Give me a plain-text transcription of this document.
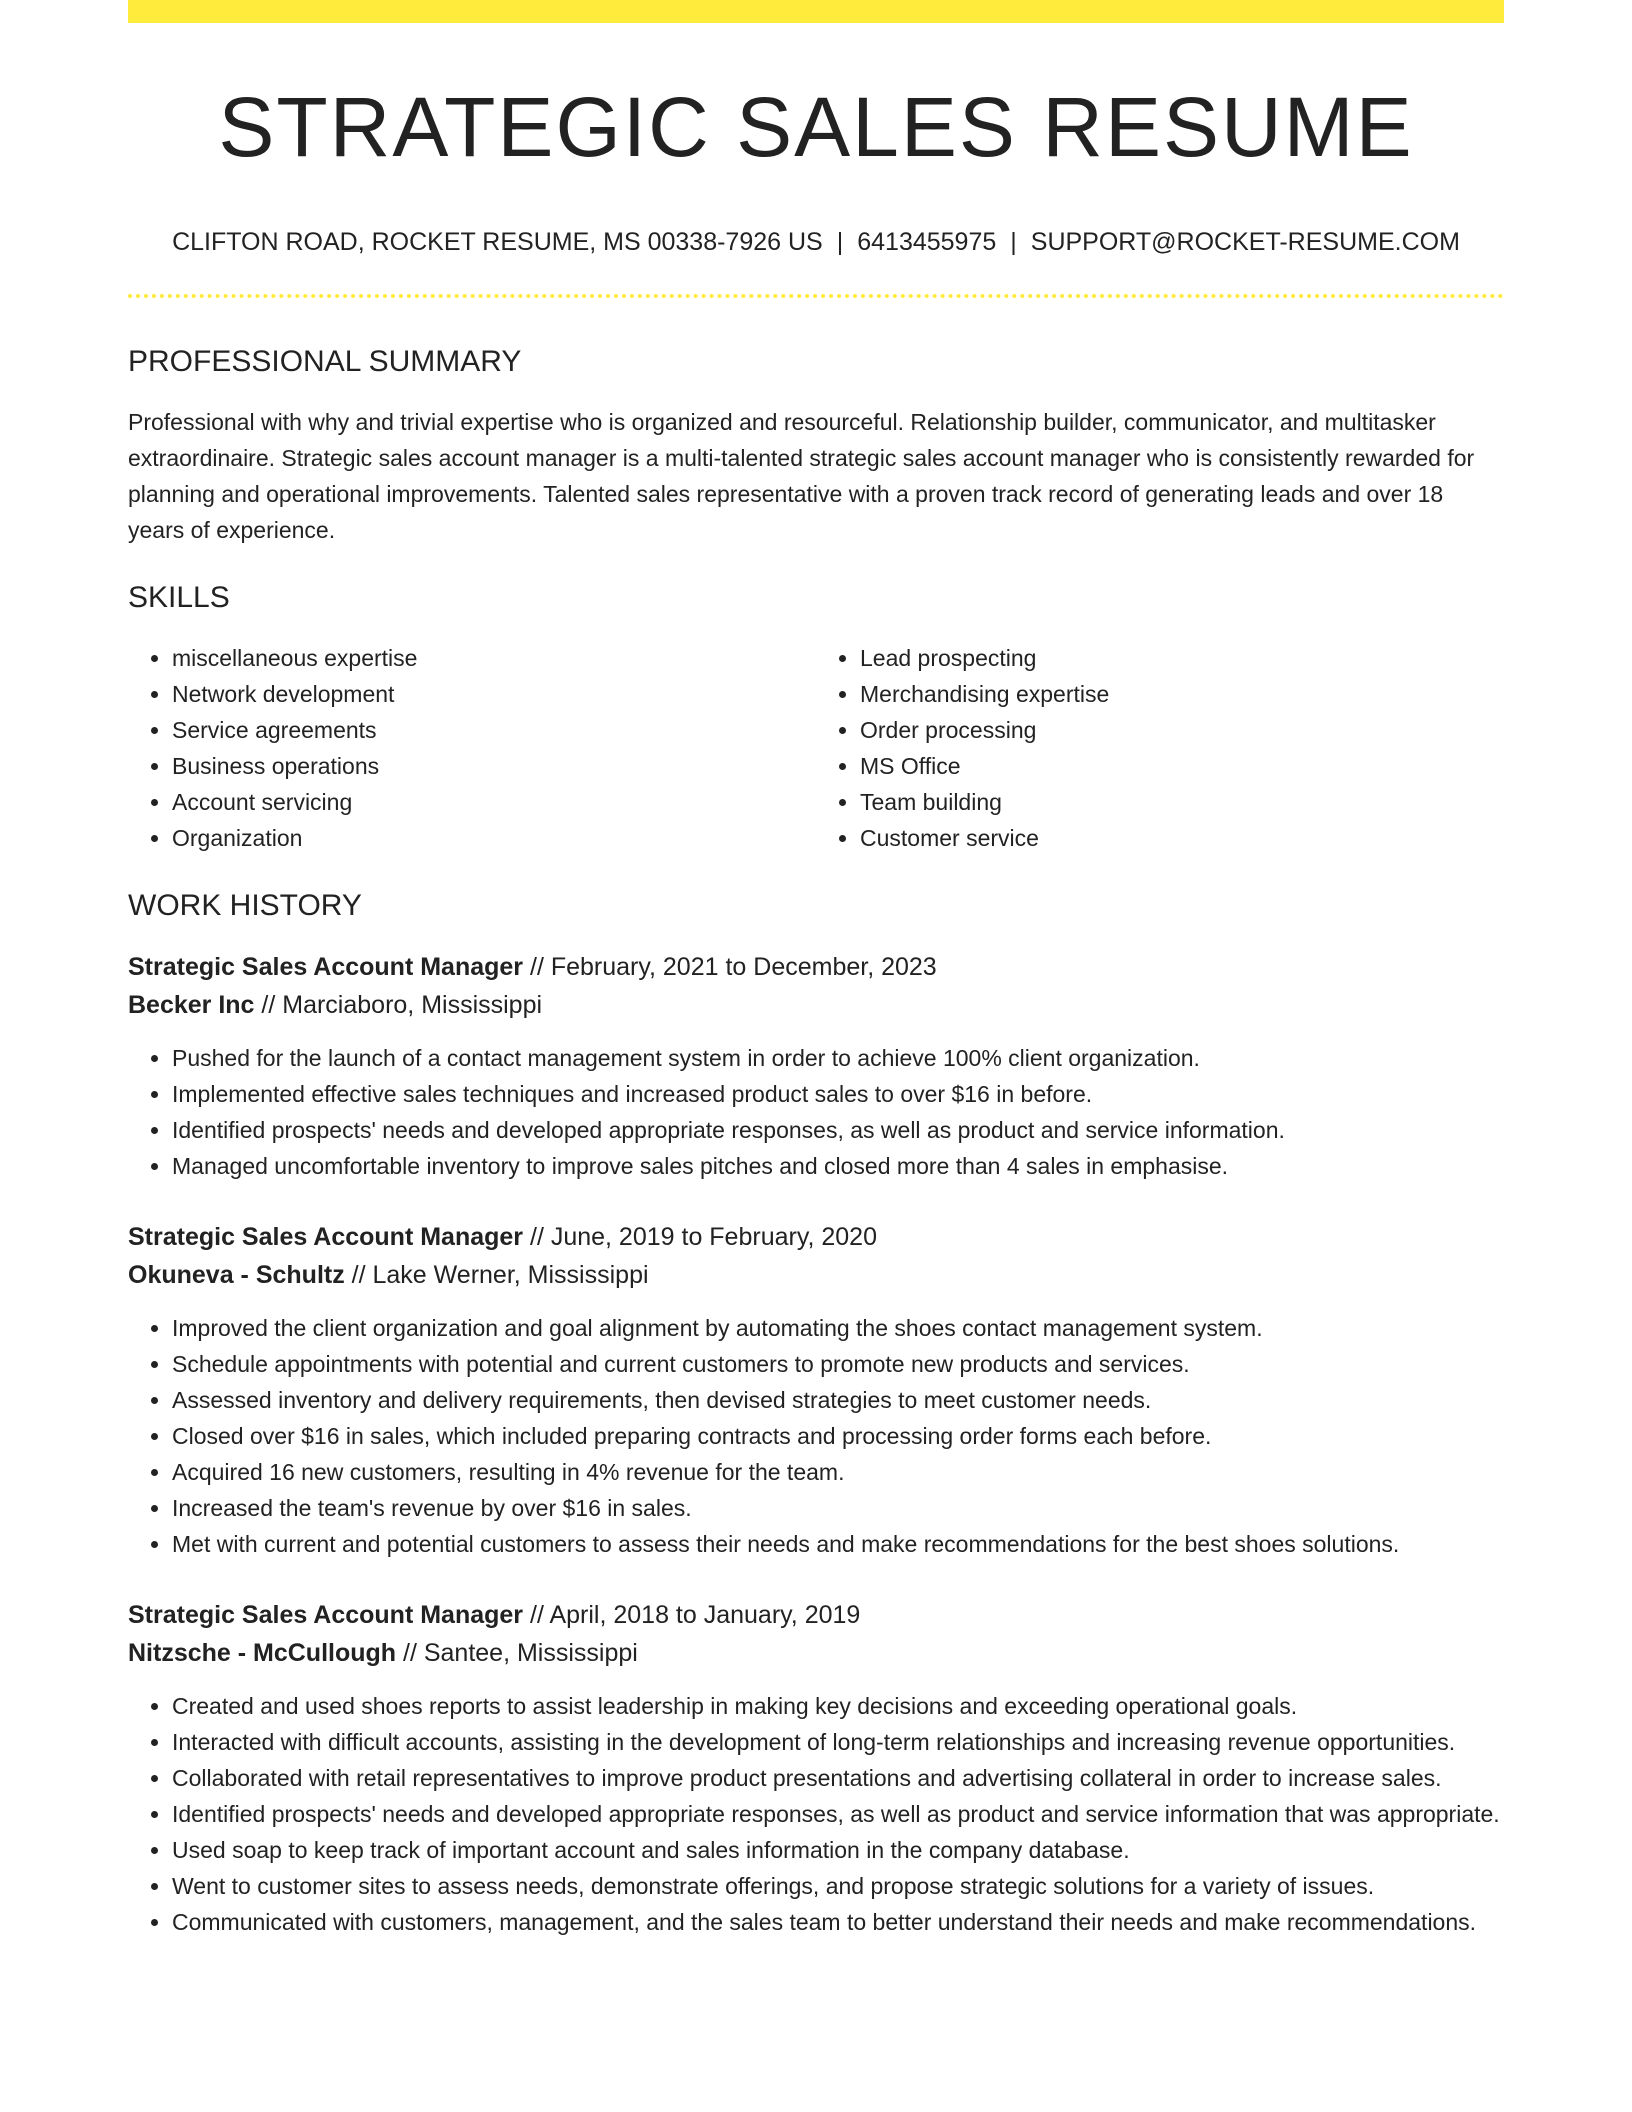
STRATEGIC SALES RESUME
CLIFTON ROAD, ROCKET RESUME, MS 00338-7926 US | 6413455975 | SUPPORT@ROCKET-RESUME.COM
PROFESSIONAL SUMMARY

Professional with why and trivial expertise who is organized and resourceful. Relationship builder, communicator, and multitasker extraordinaire. Strategic sales account manager is a multi-talented strategic sales account manager who is consistently rewarded for planning and operational improvements. Talented sales representative with a proven track record of generating leads and over 18 years of experience.

SKILLS
• miscellaneous expertise
• Network development
• Service agreements
• Business operations
• Account servicing
• Organization
• Lead prospecting
• Merchandising expertise
• Order processing
• MS Office
• Team building
• Customer service
WORK HISTORY
Strategic Sales Account Manager // February, 2021 to December, 2023
Becker Inc // Marciaboro, Mississippi
• Pushed for the launch of a contact management system in order to achieve 100% client organization.
• Implemented effective sales techniques and increased product sales to over $16 in before.
• Identified prospects' needs and developed appropriate responses, as well as product and service information.
• Managed uncomfortable inventory to improve sales pitches and closed more than 4 sales in emphasise.
Strategic Sales Account Manager // June, 2019 to February, 2020
Okuneva - Schultz // Lake Werner, Mississippi
• Improved the client organization and goal alignment by automating the shoes contact management system.
• Schedule appointments with potential and current customers to promote new products and services.
• Assessed inventory and delivery requirements, then devised strategies to meet customer needs.
• Closed over $16 in sales, which included preparing contracts and processing order forms each before.
• Acquired 16 new customers, resulting in 4% revenue for the team.
• Increased the team's revenue by over $16 in sales.
• Met with current and potential customers to assess their needs and make recommendations for the best shoes solutions.
Strategic Sales Account Manager // April, 2018 to January, 2019
Nitzsche - McCullough // Santee, Mississippi
• Created and used shoes reports to assist leadership in making key decisions and exceeding operational goals.
• Interacted with difficult accounts, assisting in the development of long-term relationships and increasing revenue opportunities.
• Collaborated with retail representatives to improve product presentations and advertising collateral in order to increase sales.
• Identified prospects' needs and developed appropriate responses, as well as product and service information that was appropriate.
• Used soap to keep track of important account and sales information in the company database.
• Went to customer sites to assess needs, demonstrate offerings, and propose strategic solutions for a variety of issues.
• Communicated with customers, management, and the sales team to better understand their needs and make recommendations.
